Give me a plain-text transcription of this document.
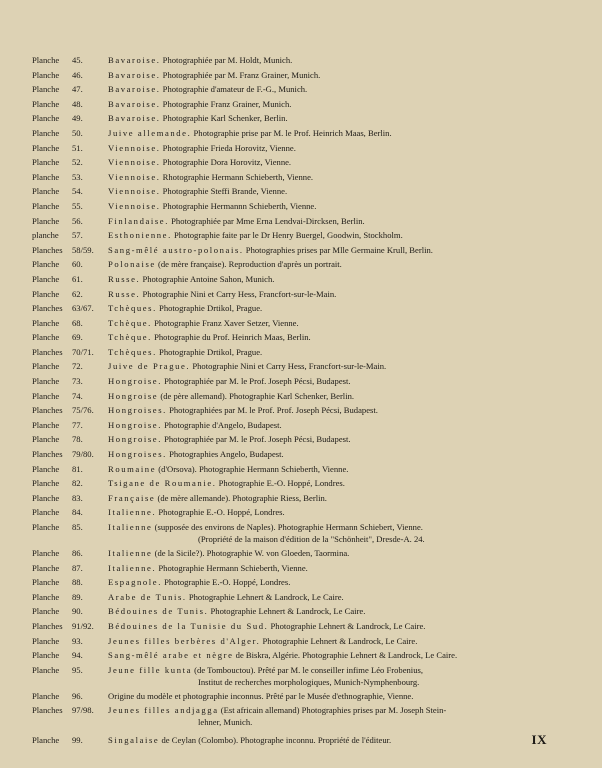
Planche	45.	Bavaroise. Photographiée par M. Holdt, Munich.
Planche	46.	Bavaroise. Photographiée par M. Franz Grainer, Munich.
Planche	47.	Bavaroise. Photographie d'amateur de F.-G., Munich.
Planche	48.	Bavaroise. Photographie Franz Grainer, Munich.
Planche	49.	Bavaroise. Photographie Karl Schenker, Berlin.
Planche	50.	Juive allemande. Photographie prise par M. le Prof. Heinrich Maas, Berlin.
Planche	51.	Viennoise. Photographie Frieda Horovitz, Vienne.
Planche	52.	Viennoise. Photographie Dora Horovitz, Vienne.
Planche	53.	Viennoise. Rhotographie Hermann Schieberth, Vienne.
Planche	54.	Viennoise. Photographie Steffi Brande, Vienne.
Planche	55.	Viennoise. Photographie Hermannn Schieberth, Vienne.
Planche	56.	Finlandaise. Photographiée par Mme Erna Lendvai-Dircksen, Berlin.
planche	57.	Esthonienne. Photographie faite par le Dr Henry Buergel, Goodwin, Stockholm.
Planches	58/59.	Sang-mêlé austro-polonais. Photographies prises par Mlle Germaine Krull, Berlin.
Planche	60.	Polonaise (de mère française). Reproduction d'après un portrait.
Planche	61.	Russe. Photographie Antoine Sahon, Munich.
Planche	62.	Russe. Photographie Nini et Carry Hess, Francfort-sur-le-Main.
Planches	63/67.	Tchèques. Photographie Drtikol, Prague.
Planche	68.	Tchèque. Photographie Franz Xaver Setzer, Vienne.
Planche	69.	Tchèque. Photographie du Prof. Heinrich Maas, Berlin.
Planches	70/71.	Tchèques. Photographie Drtikol, Prague.
Planche	72.	Juive de Prague. Photographie Nini et Carry Hess, Francfort-sur-le-Main.
Planche	73.	Hongroise. Photographiée par M. le Prof. Joseph Pécsi, Budapest.
Planche	74.	Hongroise (de père allemand). Photographie Karl Schenker, Berlin.
Planches	75/76.	Hongroises. Photographiées par M. le Prof. Prof. Joseph Pécsi, Budapest.
Planche	77.	Hongroise. Photographie d'Angelo, Budapest.
Planche	78.	Hongroise. Photographiée par M. le Prof. Joseph Pécsi, Budapest.
Planches	79/80.	Hongroises. Photographies Angelo, Budapest.
Planche	81.	Roumaine (d'Orsova). Photographie Hermann Schieberth, Vienne.
Planche	82.	Tsigane de Roumanie. Photographie E.-O. Hoppé, Londres.
Planche	83.	Française (de mère allemande). Photographie Riess, Berlin.
Planche	84.	Italienne. Photographie E.-O. Hoppé, Londres.
Planche	85.	Italienne (supposée des environs de Naples). Photographie Hermann Schiebert, Vienne.
(Propriété de la maison d'édition de la "Schönheit", Dresde-A. 24.
Planche	86.	Italienne (de la Sicile?). Photographie W. von Gloeden, Taormina.
Planche	87.	Italienne. Photographie Hermann Schieberth, Vienne.
Planche	88.	Espagnole. Photographie E.-O. Hoppé, Londres.
Planche	89.	Arabe de Tunis. Photographie Lehnert & Landrock, Le Caire.
Planche	90.	Bédouines de Tunis. Photographie Lehnert & Landrock, Le Caire.
Planches	91/92.	Bédouines de la Tunisie du Sud. Photographie Lehnert & Landrock, Le Caire.
Planche	93.	Jeunes filles berbères d'Alger. Photographie Lehnert & Landrock, Le Caire.
Planche	94.	Sang-mêlé arabe et nègre de Biskra, Algérie. Photographie Lehnert & Landrock, Le Caire.
Planche	95.	Jeune fille kunta (de Tombouctou). Prêté par M. le conseiller infime Léo Frobenius,
Institut de recherches morphologiques, Munich-Nymphenbourg.
Planche	96.	Origine du modèle et photographie inconnus. Prêté par le Musée d'ethnographie, Vienne.
Planches	97/98.	Jeunes filles andjagga (Est africain allemand) Photographies prises par M. Joseph Stein-
lehner, Munich.
Planche	99.	Singalaise de Ceylan (Colombo). Photographe inconnu. Propriété de l'éditeur.	IX
